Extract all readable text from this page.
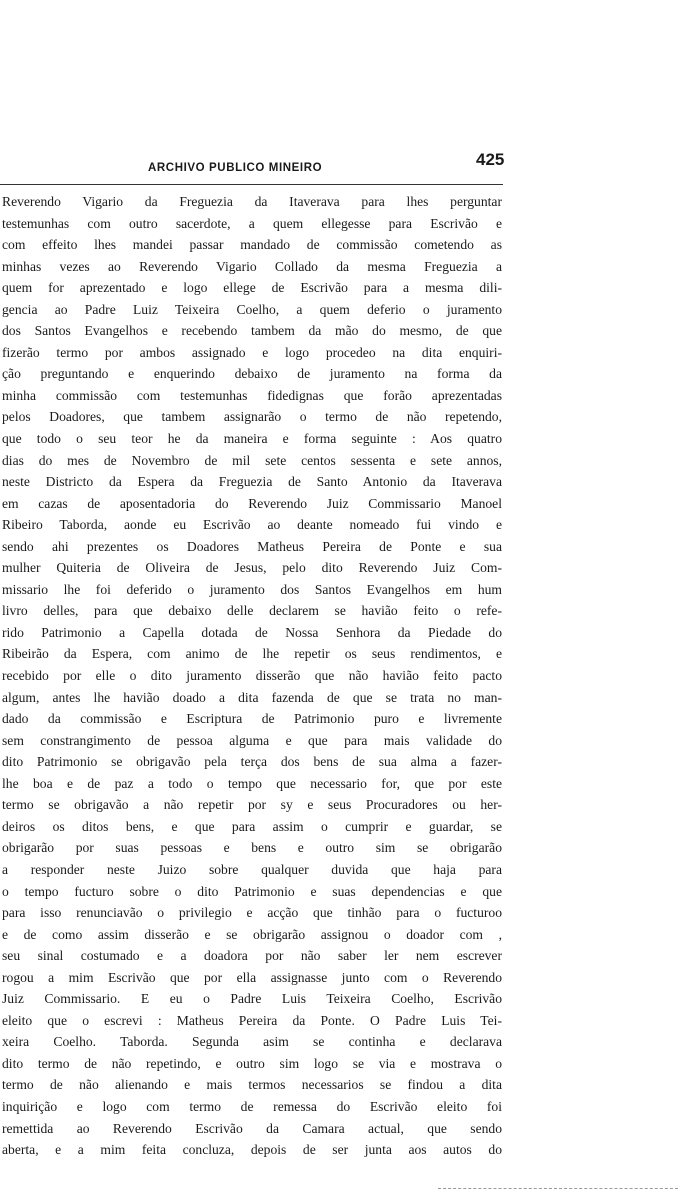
ARCHIVO PUBLICO MINEIRO	425
Reverendo Vigario da Freguezia da Itaverava para lhes perguntar
testemunhas com outro sacerdote, a quem ellegesse para Escrivão e
com effeito lhes mandei passar mandado de commissão cometendo as
minhas vezes ao Reverendo Vigario Collado da mesma Freguezia a
quem for aprezentado e logo ellege de Escrivão para a mesma dili-
gencia ao Padre Luiz Teixeira Coelho, a quem deferio o juramento
dos Santos Evangelhos e recebendo tambem da mão do mesmo, de que
fizerão termo por ambos assignado e logo procedeo na dita enquiri-
ção preguntando e enquerindo debaixo de juramento na forma da
minha commissão com testemunhas fidedignas que forão aprezentadas
pelos Doadores, que tambem assignarão o termo de não repetendo,
que todo o seu teor he da maneira e forma seguinte : Aos quatro
dias do mes de Novembro de mil sete centos sessenta e sete annos,
neste Districto da Espera da Freguezia de Santo Antonio da Itaverava
em cazas de aposentadoria do Reverendo Juiz Commissario Manoel
Ribeiro Taborda, aonde eu Escrivão ao deante nomeado fui vindo e
sendo ahi prezentes os Doadores Matheus Pereira de Ponte e sua
mulher Quiteria de Oliveira de Jesus, pelo dito Reverendo Juiz Com-
missario lhe foi deferido o juramento dos Santos Evangelhos em hum
livro delles, para que debaixo delle declarem se havião feito o refe-
rido Patrimonio a Capella dotada de Nossa Senhora da Piedade do
Ribeirão da Espera, com animo de lhe repetir os seus rendimentos, e
recebido por elle o dito juramento disserão que não havião feito pacto
algum, antes lhe havião doado a dita fazenda de que se trata no man-
dado da commissão e Escriptura de Patrimonio puro e livremente
sem constrangimento de pessoa alguma e que para mais validade do
dito Patrimonio se obrigavão pela terça dos bens de sua alma a fazer-
lhe boa e de paz a todo o tempo que necessario for, que por este
termo se obrigavão a não repetir por sy e seus Procuradores ou her-
deiros os ditos bens, e que para assim o cumprir e guardar, se
obrigarão por suas pessoas e bens e outro sim se obrigarão
a responder neste Juizo sobre qualquer duvida que haja para
o tempo fucturo sobre o dito Patrimonio e suas dependencias e que
para isso renunciavão o privilegio e acção que tinhão para o fucturoo
e de como assim disserão e se obrigarão assignou o doador com ,
seu sinal costumado e a doadora por não saber ler nem escrever
rogou a mim Escrivão que por ella assignasse junto com o Reverendo
Juiz Commissario. E eu o Padre Luis Teixeira Coelho, Escrivão
eleito que o escrevi : Matheus Pereira da Ponte. O Padre Luis Tei-
xeira Coelho. Taborda. Segunda asim se continha e declarava
dito termo de não repetindo, e outro sim logo se via e mostrava o
termo de não alienando e mais termos necessarios se findou a dita
inquirição e logo com termo de remessa do Escrivão eleito foi
remettida ao Reverendo Escrivão da Camara actual, que sendo
aberta, e a mim feita concluza, depois de ser junta aos autos do
